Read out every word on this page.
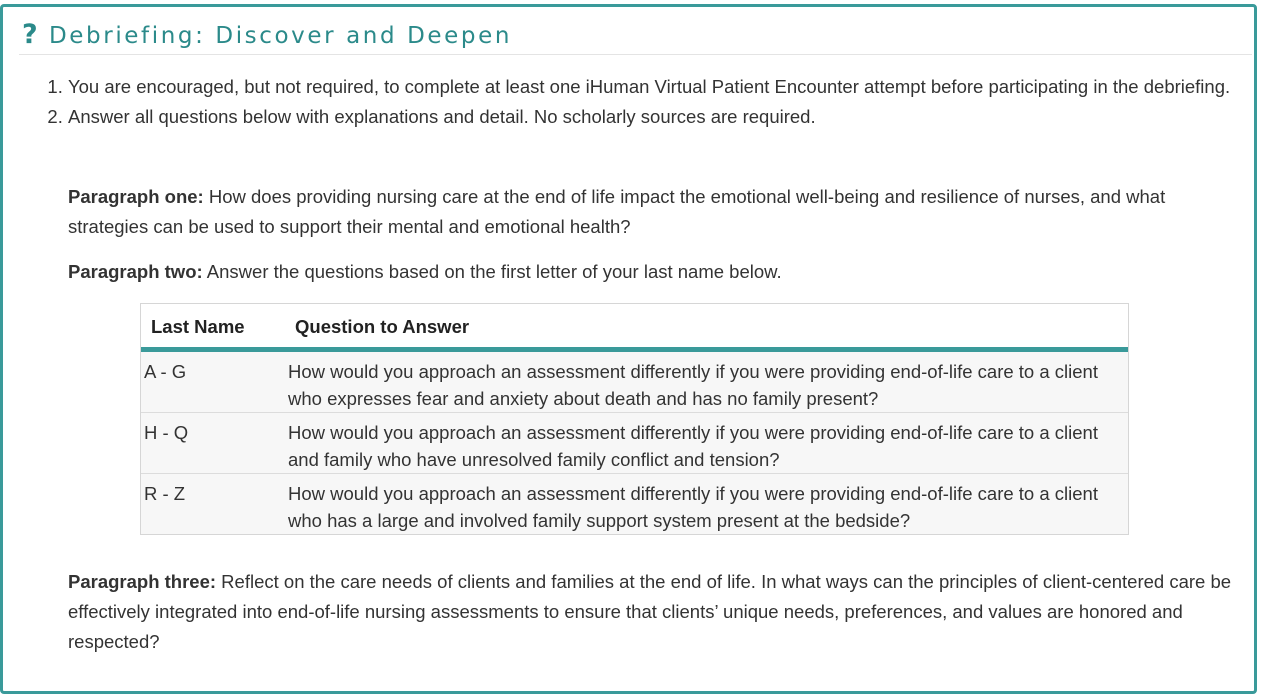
? Debriefing: Discover and Deepen
1. You are encouraged, but not required, to complete at least one iHuman Virtual Patient Encounter attempt before participating in the debriefing.
2. Answer all questions below with explanations and detail. No scholarly sources are required.

Paragraph one: How does providing nursing care at the end of life impact the emotional well-being and resilience of nurses, and what strategies can be used to support their mental and emotional health?

Paragraph two: Answer the questions based on the first letter of your last name below.

Last Name	Question to Answer
A - G	How would you approach an assessment differently if you were providing end-of-life care to a client who expresses fear and anxiety about death and has no family present?
H - Q	How would you approach an assessment differently if you were providing end-of-life care to a client and family who have unresolved family conflict and tension?
R - Z	How would you approach an assessment differently if you were providing end-of-life care to a client who has a large and involved family support system present at the bedside?

Paragraph three: Reflect on the care needs of clients and families at the end of life. In what ways can the principles of client-centered care be effectively integrated into end-of-life nursing assessments to ensure that clients’ unique needs, preferences, and values are honored and respected?
